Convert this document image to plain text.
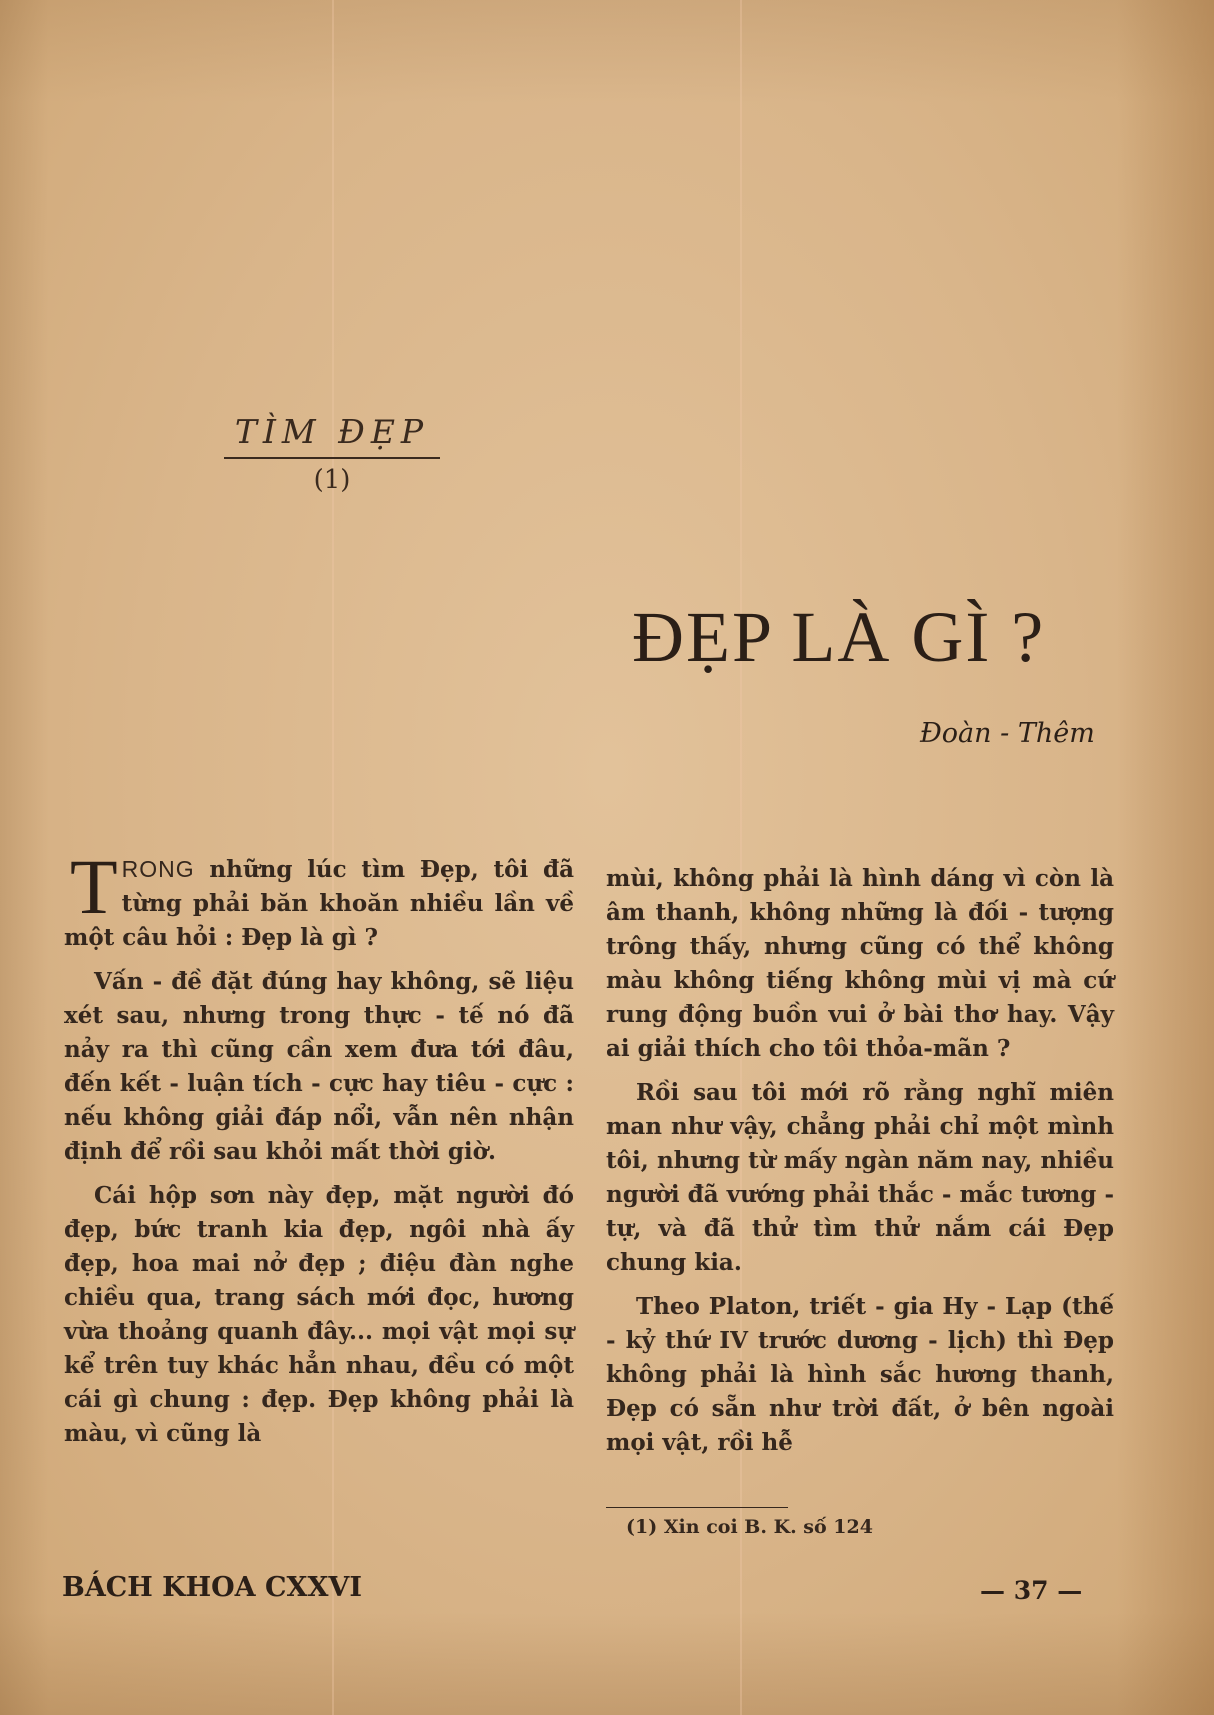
TÌM ĐẸP
(1)
ĐẸP LÀ GÌ ?
Đoàn - Thêm

TRONG những lúc tìm Đẹp, tôi đã từng phải băn khoăn nhiều lần về một câu hỏi : Đẹp là gì ?

Vấn - đề đặt đúng hay không, sẽ liệu xét sau, nhưng trong thực - tế nó đã nảy ra thì cũng cần xem đưa tới đâu, đến kết - luận tích - cực hay tiêu - cực : nếu không giải đáp nổi, vẫn nên nhận định để rồi sau khỏi mất thời giờ.

Cái hộp sơn này đẹp, mặt người đó đẹp, bức tranh kia đẹp, ngôi nhà ấy đẹp, hoa mai nở đẹp ; điệu đàn nghe chiều qua, trang sách mới đọc, hương vừa thoảng quanh đây... mọi vật mọi sự kể trên tuy khác hẳn nhau, đều có một cái gì chung : đẹp. Đẹp không phải là màu, vì cũng là

mùi, không phải là hình dáng vì còn là âm thanh, không những là đối - tượng trông thấy, nhưng cũng có thể không màu không tiếng không mùi vị mà cứ rung động buồn vui ở bài thơ hay. Vậy ai giải thích cho tôi thỏa-mãn ?

Rồi sau tôi mới rõ rằng nghĩ miên man như vậy, chẳng phải chỉ một mình tôi, nhưng từ mấy ngàn năm nay, nhiều người đã vướng phải thắc - mắc tương - tự, và đã thử tìm thử nắm cái Đẹp chung kia.

Theo Platon, triết - gia Hy - Lạp (thế - kỷ thứ IV trước dương - lịch) thì Đẹp không phải là hình sắc hương thanh, Đẹp có sẵn như trời đất, ở bên ngoài mọi vật, rồi hễ

(1) Xin coi B. K. số 124
BÁCH KHOA CXXVI	— 37 —
